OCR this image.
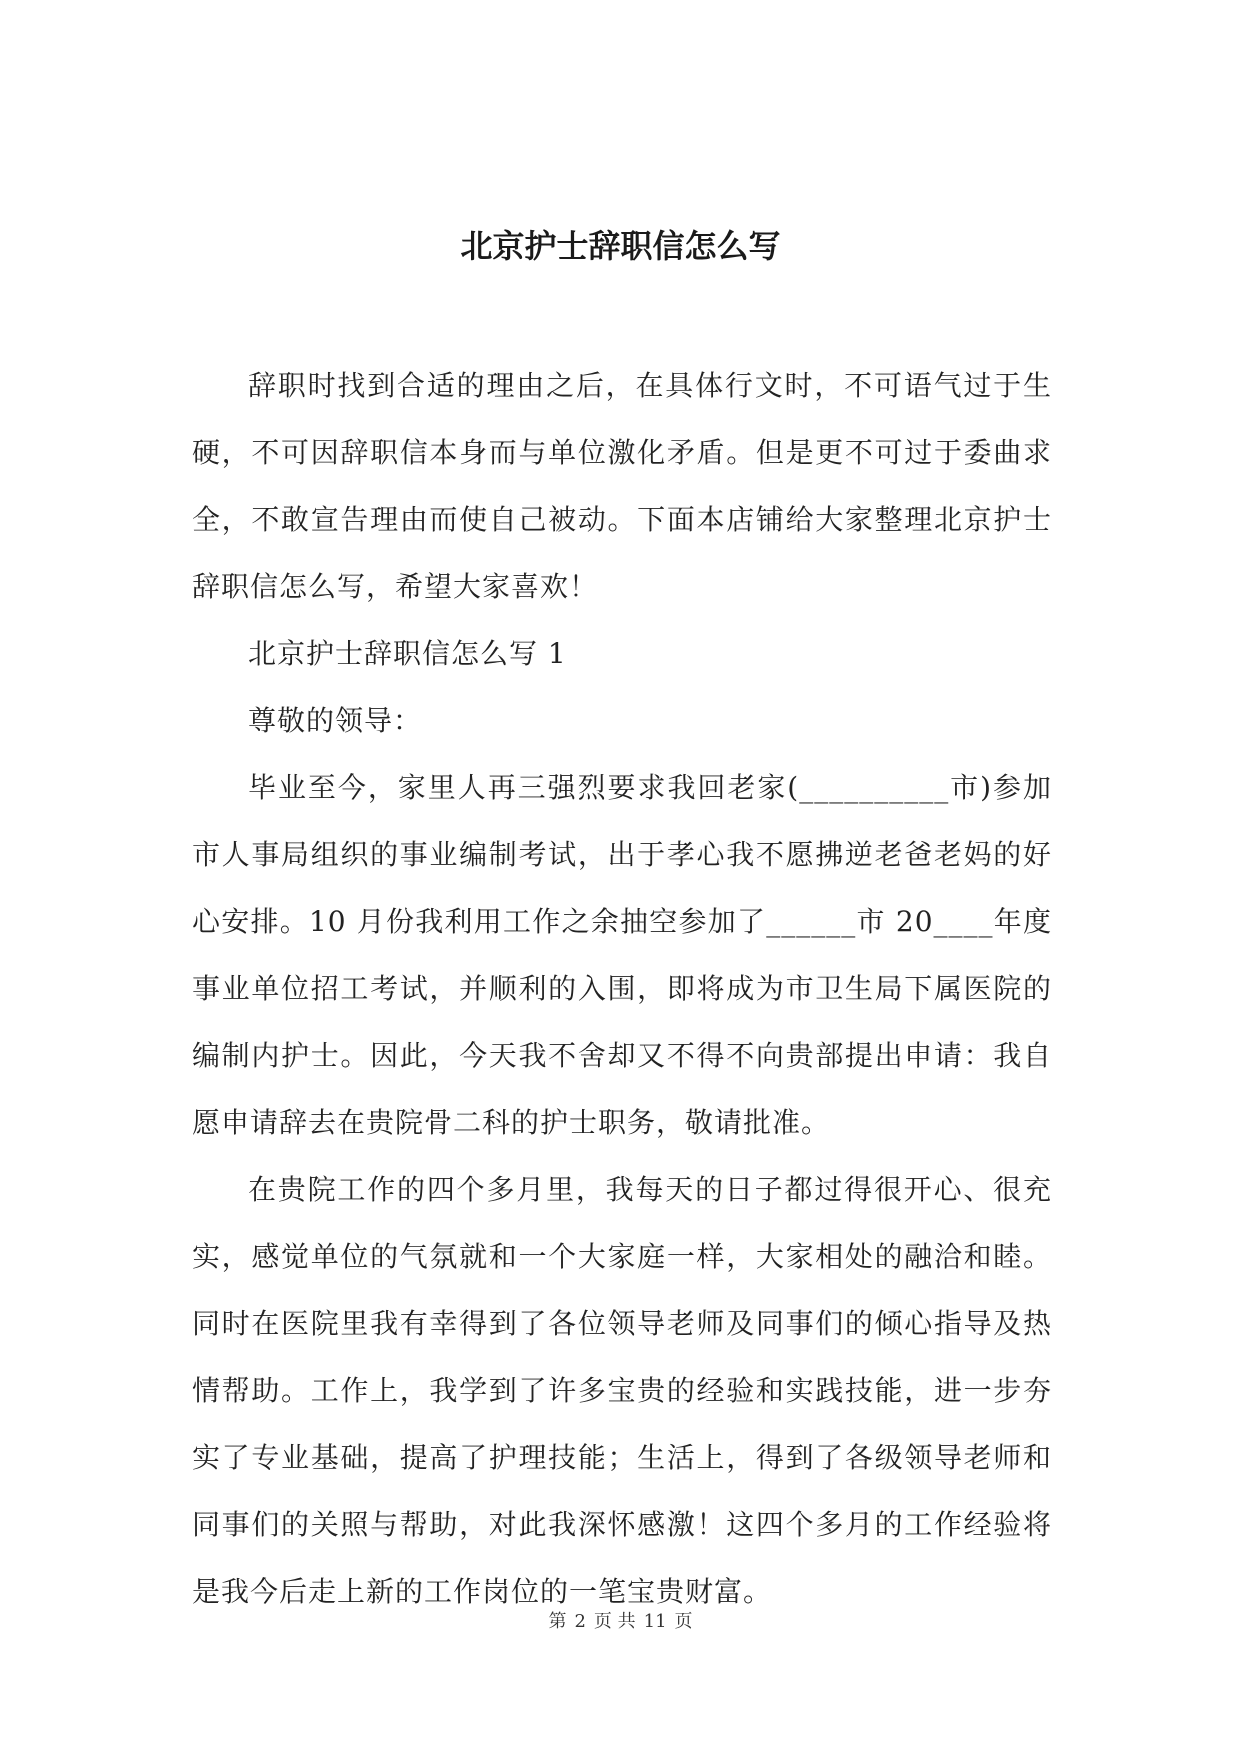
北京护士辞职信怎么写

辞职时找到合适的理由之后，在具体行文时，不可语气过于生硬，不可因辞职信本身而与单位激化矛盾。但是更不可过于委曲求全，不敢宣告理由而使自己被动。下面本店铺给大家整理北京护士辞职信怎么写，希望大家喜欢！

北京护士辞职信怎么写 1

尊敬的领导：

毕业至今，家里人再三强烈要求我回老家(__________市)参加市人事局组织的事业编制考试，出于孝心我不愿拂逆老爸老妈的好心安排。10 月份我利用工作之余抽空参加了______市 20____年度事业单位招工考试，并顺利的入围，即将成为市卫生局下属医院的编制内护士。因此，今天我不舍却又不得不向贵部提出申请：我自愿申请辞去在贵院骨二科的护士职务，敬请批准。

在贵院工作的四个多月里，我每天的日子都过得很开心、很充实，感觉单位的气氛就和一个大家庭一样，大家相处的融洽和睦。同时在医院里我有幸得到了各位领导老师及同事们的倾心指导及热情帮助。工作上，我学到了许多宝贵的经验和实践技能，进一步夯实了专业基础，提高了护理技能；生活上，得到了各级领导老师和同事们的关照与帮助，对此我深怀感激！这四个多月的工作经验将是我今后走上新的工作岗位的一笔宝贵财富。

第 2 页 共 11 页
